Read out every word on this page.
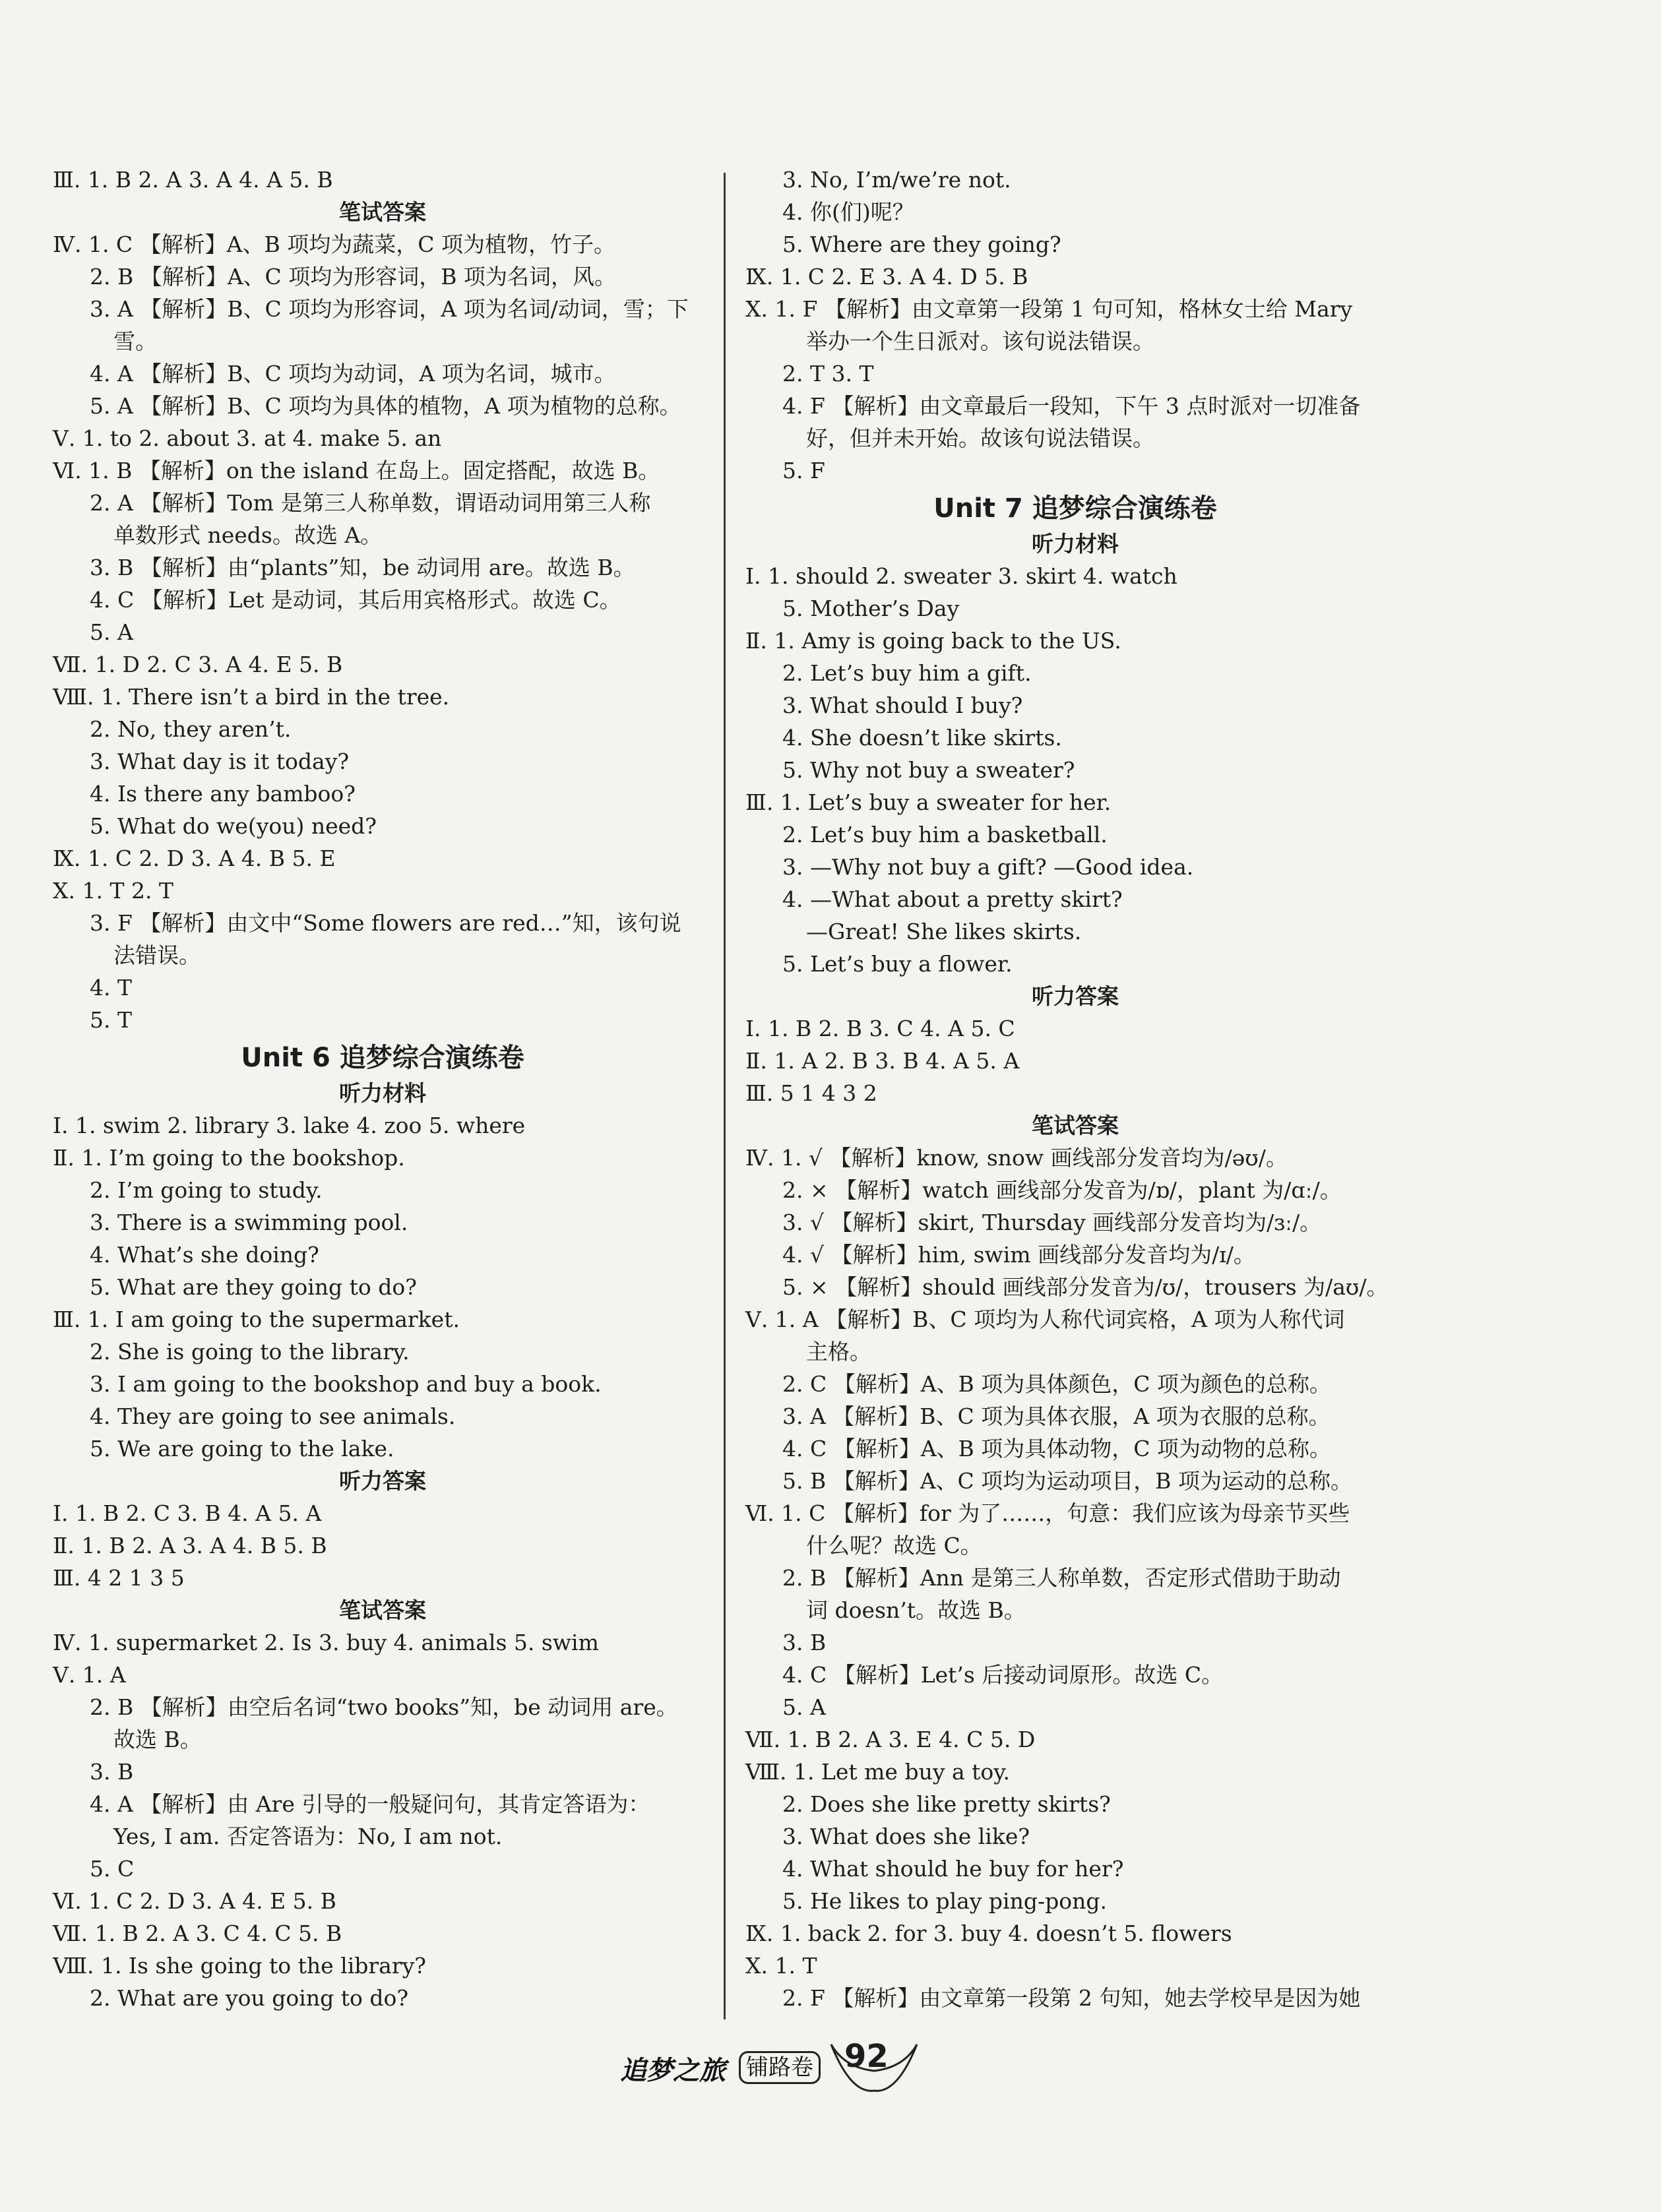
Ⅲ. 1. B 2. A 3. A 4. A 5. B
笔试答案
Ⅳ. 1. C 【解析】A、B 项均为蔬菜，C 项为植物，竹子。
2. B 【解析】A、C 项均为形容词，B 项为名词，风。
3. A 【解析】B、C 项均为形容词，A 项为名词/动词，雪；下
雪。
4. A 【解析】B、C 项均为动词，A 项为名词，城市。
5. A 【解析】B、C 项均为具体的植物，A 项为植物的总称。
Ⅴ. 1. to 2. about 3. at 4. make 5. an
Ⅵ. 1. B 【解析】on the island 在岛上。固定搭配，故选 B。
2. A 【解析】Tom 是第三人称单数，谓语动词用第三人称
单数形式 needs。故选 A。
3. B 【解析】由“plants”知，be 动词用 are。故选 B。
4. C 【解析】Let 是动词，其后用宾格形式。故选 C。
5. A
Ⅶ. 1. D 2. C 3. A 4. E 5. B
Ⅷ. 1. There isn’t a bird in the tree.
2. No, they aren’t.
3. What day is it today?
4. Is there any bamboo?
5. What do we(you) need?
Ⅸ. 1. C 2. D 3. A 4. B 5. E
Ⅹ. 1. T 2. T
3. F 【解析】由文中“Some flowers are red…”知，该句说
法错误。
4. T
5. T
Unit 6 追梦综合演练卷
听力材料
Ⅰ. 1. swim 2. library 3. lake 4. zoo 5. where
Ⅱ. 1. I’m going to the bookshop.
2. I’m going to study.
3. There is a swimming pool.
4. What’s she doing?
5. What are they going to do?
Ⅲ. 1. I am going to the supermarket.
2. She is going to the library.
3. I am going to the bookshop and buy a book.
4. They are going to see animals.
5. We are going to the lake.
听力答案
Ⅰ. 1. B 2. C 3. B 4. A 5. A
Ⅱ. 1. B 2. A 3. A 4. B 5. B
Ⅲ. 4 2 1 3 5
笔试答案
Ⅳ. 1. supermarket 2. Is 3. buy 4. animals 5. swim
Ⅴ. 1. A
2. B 【解析】由空后名词“two books”知，be 动词用 are。
故选 B。
3. B
4. A 【解析】由 Are 引导的一般疑问句，其肯定答语为：
Yes, I am. 否定答语为：No, I am not.
5. C
Ⅵ. 1. C 2. D 3. A 4. E 5. B
Ⅶ. 1. B 2. A 3. C 4. C 5. B
Ⅷ. 1. Is she going to the library?
2. What are you going to do?
3. No, I’m/we’re not.
4. 你(们)呢？
5. Where are they going?
Ⅸ. 1. C 2. E 3. A 4. D 5. B
Ⅹ. 1. F 【解析】由文章第一段第 1 句可知，格林女士给 Mary
举办一个生日派对。该句说法错误。
2. T 3. T
4. F 【解析】由文章最后一段知，下午 3 点时派对一切准备
好，但并未开始。故该句说法错误。
5. F
Unit 7 追梦综合演练卷
听力材料
Ⅰ. 1. should 2. sweater 3. skirt 4. watch
5. Mother’s Day
Ⅱ. 1. Amy is going back to the US.
2. Let’s buy him a gift.
3. What should I buy?
4. She doesn’t like skirts.
5. Why not buy a sweater?
Ⅲ. 1. Let’s buy a sweater for her.
2. Let’s buy him a basketball.
3. —Why not buy a gift? —Good idea.
4. —What about a pretty skirt?
—Great! She likes skirts.
5. Let’s buy a flower.
听力答案
Ⅰ. 1. B 2. B 3. C 4. A 5. C
Ⅱ. 1. A 2. B 3. B 4. A 5. A
Ⅲ. 5 1 4 3 2
笔试答案
Ⅳ. 1. √ 【解析】know, snow 画线部分发音均为/əʊ/。
2. × 【解析】watch 画线部分发音为/ɒ/，plant 为/ɑː/。
3. √ 【解析】skirt, Thursday 画线部分发音均为/ɜː/。
4. √ 【解析】him, swim 画线部分发音均为/ɪ/。
5. × 【解析】should 画线部分发音为/ʊ/，trousers 为/aʊ/。
Ⅴ. 1. A 【解析】B、C 项均为人称代词宾格，A 项为人称代词
主格。
2. C 【解析】A、B 项为具体颜色，C 项为颜色的总称。
3. A 【解析】B、C 项为具体衣服，A 项为衣服的总称。
4. C 【解析】A、B 项为具体动物，C 项为动物的总称。
5. B 【解析】A、C 项均为运动项目，B 项为运动的总称。
Ⅵ. 1. C 【解析】for 为了……，句意：我们应该为母亲节买些
什么呢？故选 C。
2. B 【解析】Ann 是第三人称单数，否定形式借助于助动
词 doesn’t。故选 B。
3. B
4. C 【解析】Let’s 后接动词原形。故选 C。
5. A
Ⅶ. 1. B 2. A 3. E 4. C 5. D
Ⅷ. 1. Let me buy a toy.
2. Does she like pretty skirts?
3. What does she like?
4. What should he buy for her?
5. He likes to play ping-pong.
Ⅸ. 1. back 2. for 3. buy 4. doesn’t 5. flowers
Ⅹ. 1. T
2. F 【解析】由文章第一段第 2 句知，她去学校早是因为她
追梦之旅 铺路卷 92
